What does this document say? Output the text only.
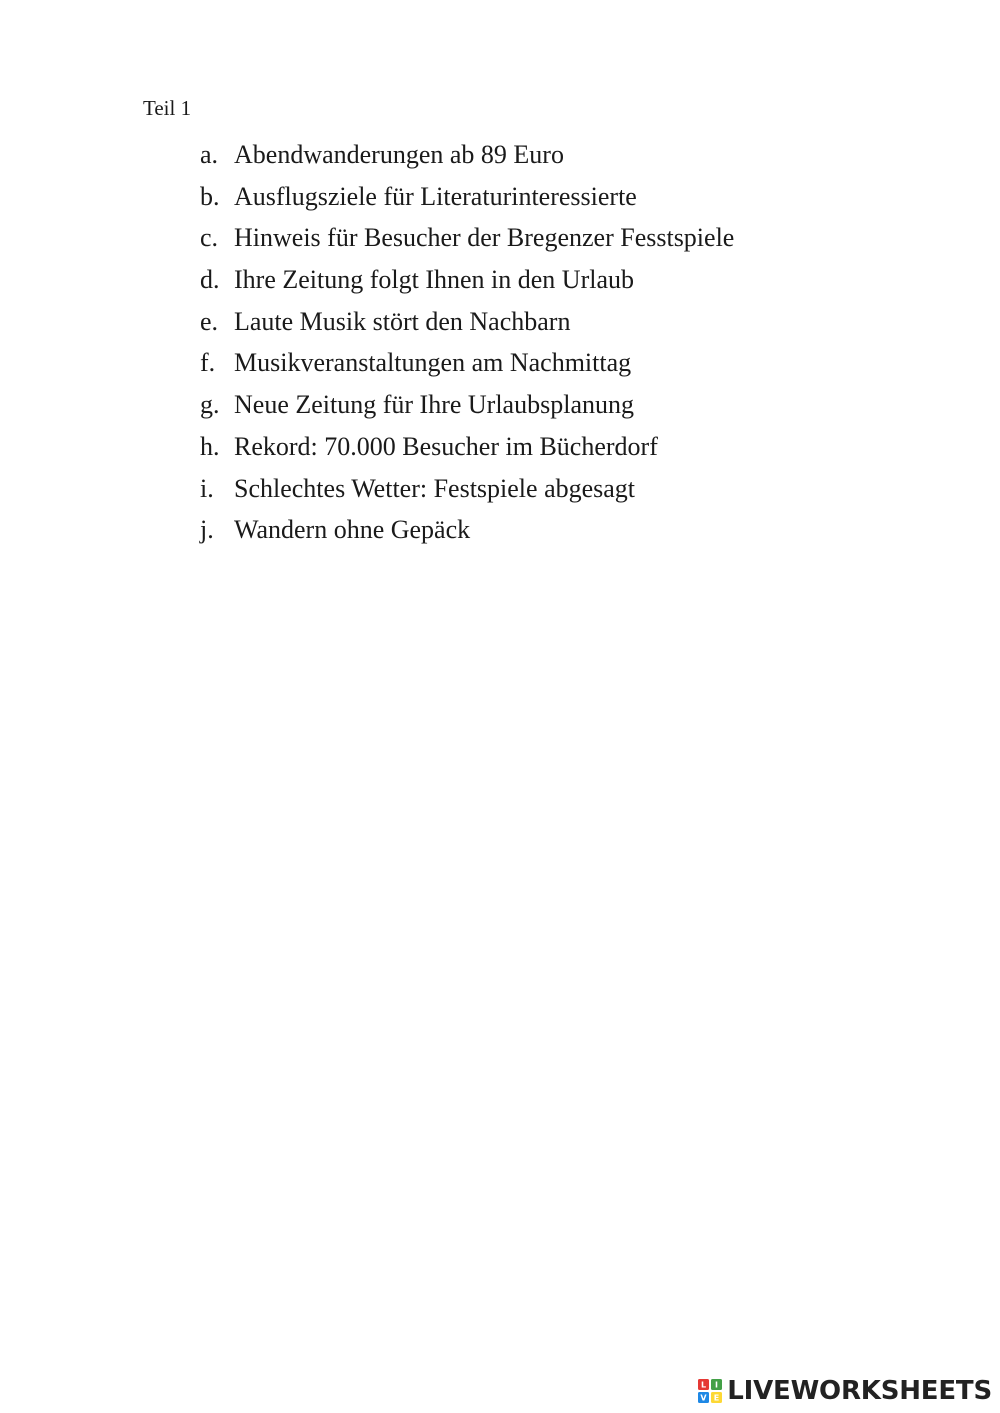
Teil 1
a. Abendwanderungen ab 89 Euro
b. Ausflugsziele für Literaturinteressierte
c. Hinweis für Besucher der Bregenzer Fesstspiele
d. Ihre Zeitung folgt Ihnen in den Urlaub
e. Laute Musik stört den Nachbarn
f. Musikveranstaltungen am Nachmittag
g. Neue Zeitung für Ihre Urlaubsplanung
h. Rekord: 70.000 Besucher im Bücherdorf
i. Schlechtes Wetter: Festspiele abgesagt
j. Wandern ohne Gepäck
L I
V E LIVEWORKSHEETS
